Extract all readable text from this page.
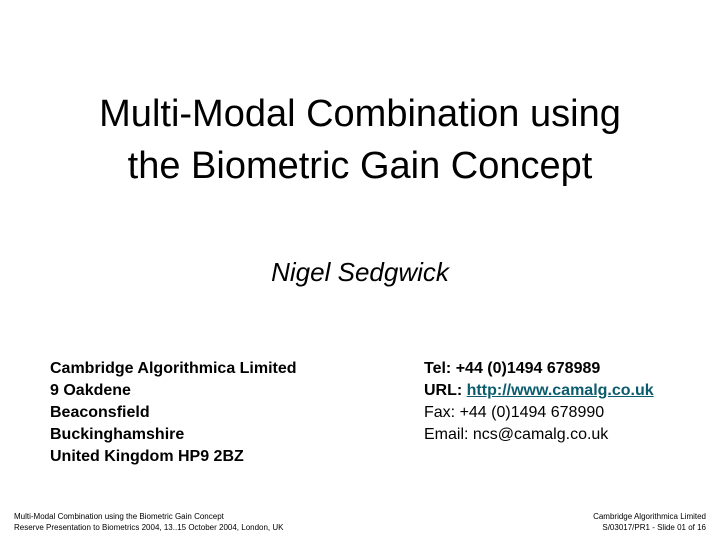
Multi-Modal Combination using
the Biometric Gain Concept
Nigel Sedgwick
Cambridge Algorithmica Limited
9 Oakdene
Beaconsfield
Buckinghamshire
United Kingdom HP9 2BZ
Tel: +44 (0)1494 678989
URL: http://www.camalg.co.uk
Fax: +44 (0)1494 678990
Email: ncs@camalg.co.uk
Multi-Modal Combination using the Biometric Gain Concept
Reserve Presentation to Biometrics 2004, 13..15 October 2004, London, UK
Cambridge Algorithmica Limited
S/03017/PR1 - Slide 01 of 16
